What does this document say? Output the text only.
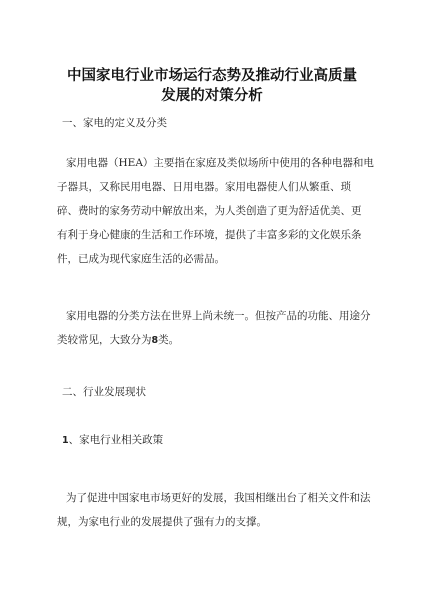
中国家电行业市场运行态势及推动行业高质量
发展的对策分析
一、家电的定义及分类
家用电器（HEA）主要指在家庭及类似场所中使用的各种电器和电
子器具，又称民用电器、日用电器。家用电器使人们从繁重、琐
碎、费时的家务劳动中解放出来，为人类创造了更为舒适优美、更
有利于身心健康的生活和工作环境，提供了丰富多彩的文化娱乐条
件，已成为现代家庭生活的必需品。
家用电器的分类方法在世界上尚未统一。但按产品的功能、用途分
类较常见，大致分为8类。
二、行业发展现状
1、家电行业相关政策
为了促进中国家电市场更好的发展，我国相继出台了相关文件和法
规，为家电行业的发展提供了强有力的支撑。
